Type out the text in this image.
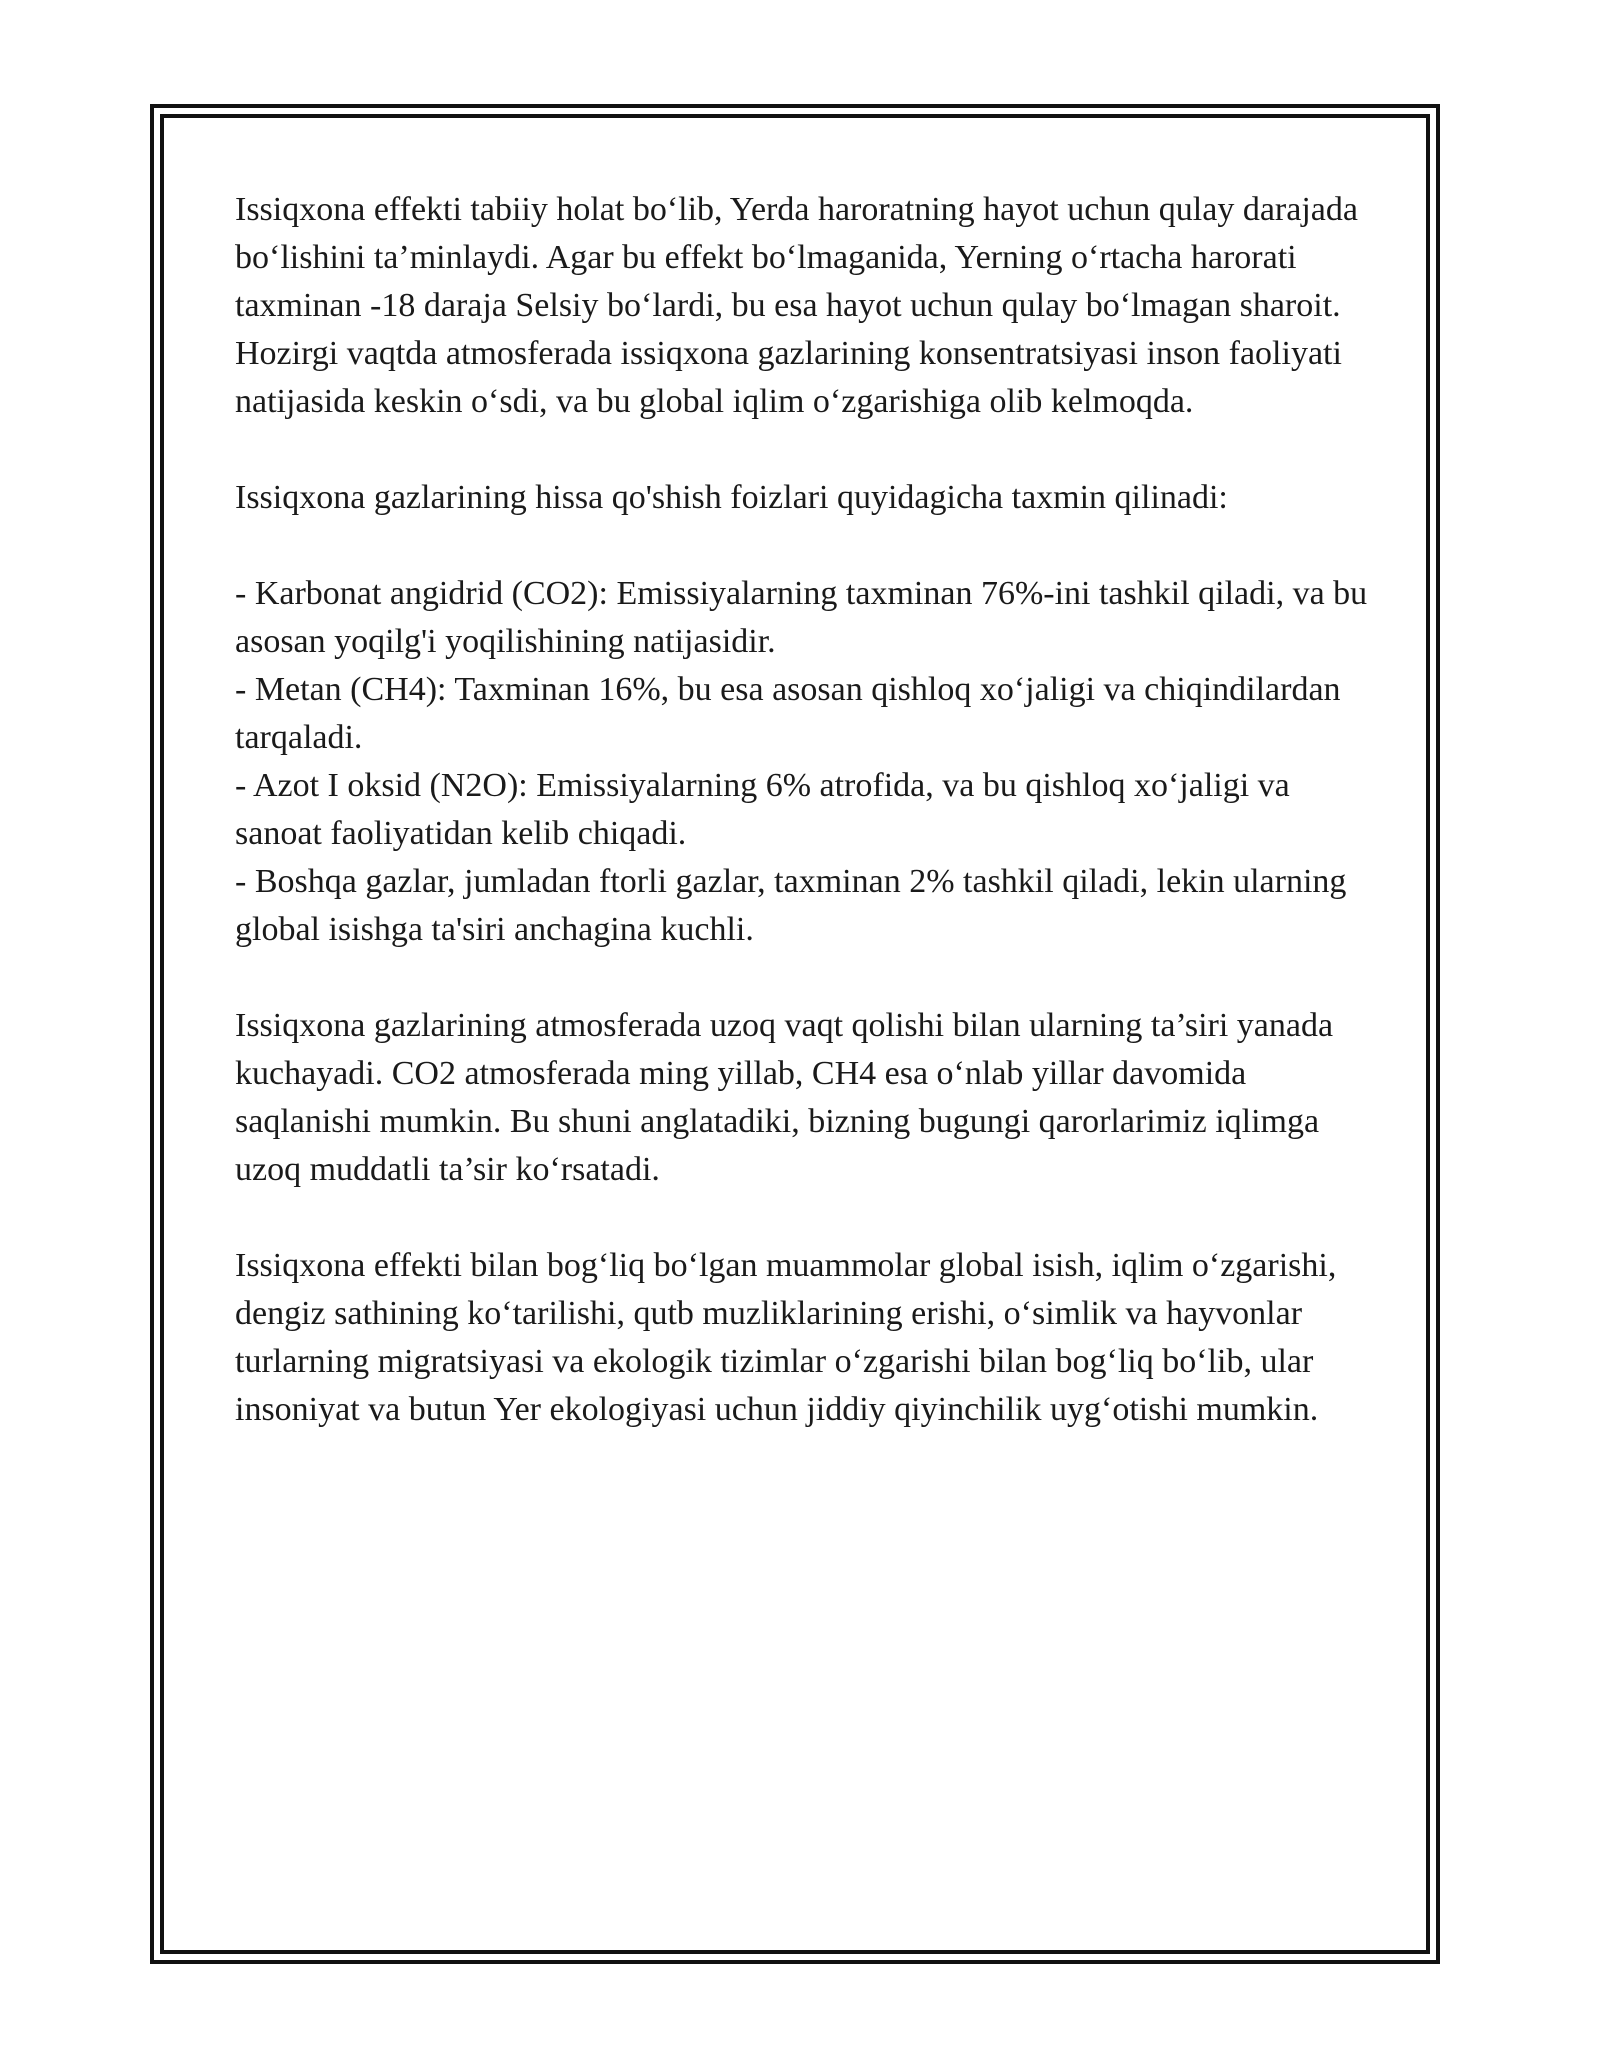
Issiqxona effekti tabiiy holat bo‘lib, Yerda haroratning hayot uchun qulay darajada bo‘lishini ta’minlaydi. Agar bu effekt bo‘lmaganida, Yerning o‘rtacha harorati taxminan -18 daraja Selsiy bo‘lardi, bu esa hayot uchun qulay bo‘lmagan sharoit. Hozirgi vaqtda atmosferada issiqxona gazlarining konsentratsiyasi inson faoliyati natijasida keskin o‘sdi, va bu global iqlim o‘zgarishiga olib kelmoqda.

Issiqxona gazlarining hissa qo'shish foizlari quyidagicha taxmin qilinadi:

- Karbonat angidrid (CO2): Emissiyalarning taxminan 76%-ini tashkil qiladi, va bu asosan yoqilg'i yoqilishining natijasidir.
- Metan (CH4): Taxminan 16%, bu esa asosan qishloq xo‘jaligi va chiqindilardan tarqaladi.
- Azot I oksid (N2O): Emissiyalarning 6% atrofida, va bu qishloq xo‘jaligi va sanoat faoliyatidan kelib chiqadi.
- Boshqa gazlar, jumladan ftorli gazlar, taxminan 2% tashkil qiladi, lekin ularning global isishga ta'siri anchagina kuchli.

Issiqxona gazlarining atmosferada uzoq vaqt qolishi bilan ularning ta’siri yanada kuchayadi. CO2 atmosferada ming yillab, CH4 esa o‘nlab yillar davomida saqlanishi mumkin. Bu shuni anglatadiki, bizning bugungi qarorlarimiz iqlimga uzoq muddatli ta’sir ko‘rsatadi.

Issiqxona effekti bilan bog‘liq bo‘lgan muammolar global isish, iqlim o‘zgarishi, dengiz sathining ko‘tarilishi, qutb muzliklarining erishi, o‘simlik va hayvonlar turlarning migratsiyasi va ekologik tizimlar o‘zgarishi bilan bog‘liq bo‘lib, ular insoniyat va butun Yer ekologiyasi uchun jiddiy qiyinchilik uyg‘otishi mumkin.
